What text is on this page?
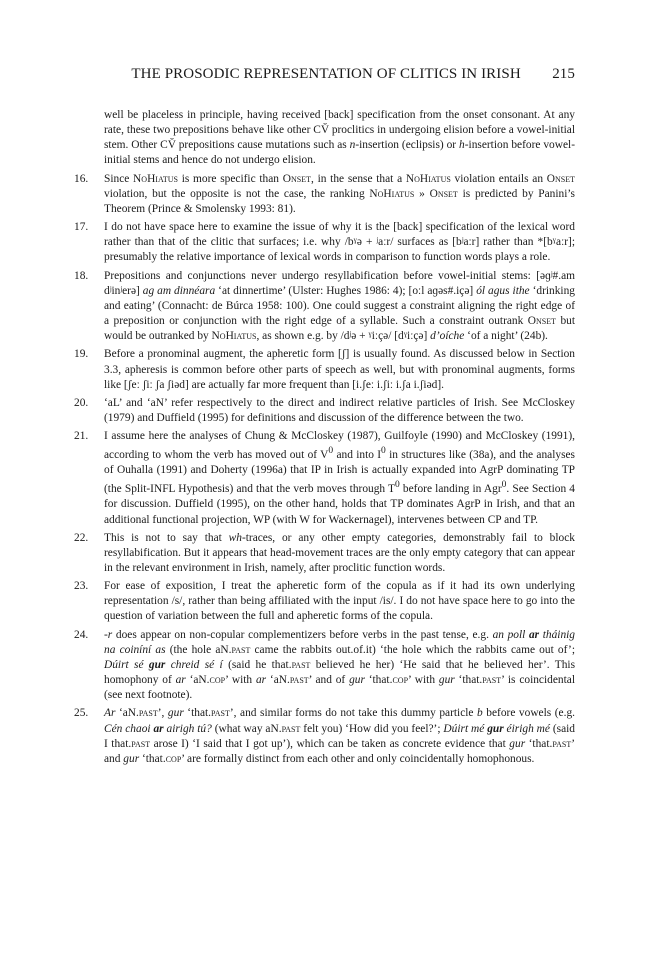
THE PROSODIC REPRESENTATION OF CLITICS IN IRISH	215
well be placeless in principle, having received [back] specification from the onset consonant. At any rate, these two prepositions behave like other CV̆ proclitics in undergoing elision before a vowel-initial stem. Other CV̆ prepositions cause mutations such as n-insertion (eclipsis) or h-insertion before vowel-initial stems and hence do not undergo elision.
16.	Since NoHiatus is more specific than Onset, in the sense that a NoHiatus violation entails an Onset violation, but the opposite is not the case, the ranking NoHiatus » Onset is predicted by Panini’s Theorem (Prince & Smolensky 1993: 81).
17.	I do not have space here to examine the issue of why it is the [back] specification of the lexical word rather than that of the clitic that surfaces; i.e. why /bˠə + ʲaːr/ surfaces as [bʲaːr] rather than *[bˠaːr]; presumably the relative importance of lexical words in comparison to function words plays a role.
18.	Prepositions and conjunctions never undergo resyllabification before vowel-initial stems: [əɡʲ#.am dʲinʲerə] ag am dinnéara ‘at dinnertime’ (Ulster: Hughes 1986: 4); [oːl aɡəs#.içə] ól agus ithe ‘drinking and eating’ (Connacht: de Búrca 1958: 100). One could suggest a constraint aligning the right edge of a preposition or conjunction with the right edge of a syllable. Such a constraint outrank Onset but would be outranked by NoHiatus, as shown e.g. by /dʲə + ˠiːçə/ [dˠiːçə] d’oíche ‘of a night’ (24b).
19.	Before a pronominal augment, the apheretic form [ʃ] is usually found. As discussed below in Section 3.3, apheresis is common before other parts of speech as well, but with pronominal augments, forms like [ʃeː ʃiː ʃa ʃiəd] are actually far more frequent than [i.ʃeː i.ʃiː i.ʃa i.ʃiəd].
20.	‘aL’ and ‘aN’ refer respectively to the direct and indirect relative particles of Irish. See McCloskey (1979) and Duffield (1995) for definitions and discussion of the difference between the two.
21.	I assume here the analyses of Chung & McCloskey (1987), Guilfoyle (1990) and McCloskey (1991), according to whom the verb has moved out of $V^0$ and into $I^0$ in structures like (38a), and the analyses of Ouhalla (1991) and Doherty (1996a) that IP in Irish is actually expanded into AgrP dominating TP (the Split-INFL Hypothesis) and that the verb moves through $T^0$ before landing in Agr$^0$. See Section 4 for discussion. Duffield (1995), on the other hand, holds that TP dominates AgrP in Irish, and that an additional functional projection, WP (with W for Wackernagel), intervenes between CP and TP.
22.	This is not to say that wh-traces, or any other empty categories, demonstrably fail to block resyllabification. But it appears that head-movement traces are the only empty category that can appear in the relevant environment in Irish, namely, after proclitic function words.
23.	For ease of exposition, I treat the apheretic form of the copula as if it had its own underlying representation /s/, rather than being affiliated with the input /is/. I do not have space here to go into the question of variation between the full and apheretic forms of the copula.
24.	-r does appear on non-copular complementizers before verbs in the past tense, e.g. an poll ar tháinig na coiníní as (the hole aN.past came the rabbits out.of.it) ‘the hole which the rabbits came out of’; Dúirt sé gur chreid sé í (said he that.past believed he her) ‘He said that he believed her’. This homophony of ar ‘aN.cop’ with ar ‘aN.past’ and of gur ‘that.cop’ with gur ‘that.past’ is coincidental (see next footnote).
25.	Ar ‘aN.past’, gur ‘that.past’, and similar forms do not take this dummy particle b before vowels (e.g. Cén chaoi ar airigh tú? (what way aN.past felt you) ‘How did you feel?’; Dúirt mé gur éirigh mé (said I that.past arose I) ‘I said that I got up’), which can be taken as concrete evidence that gur ‘that.past’ and gur ‘that.cop’ are formally distinct from each other and only coincidentally homophonous.
